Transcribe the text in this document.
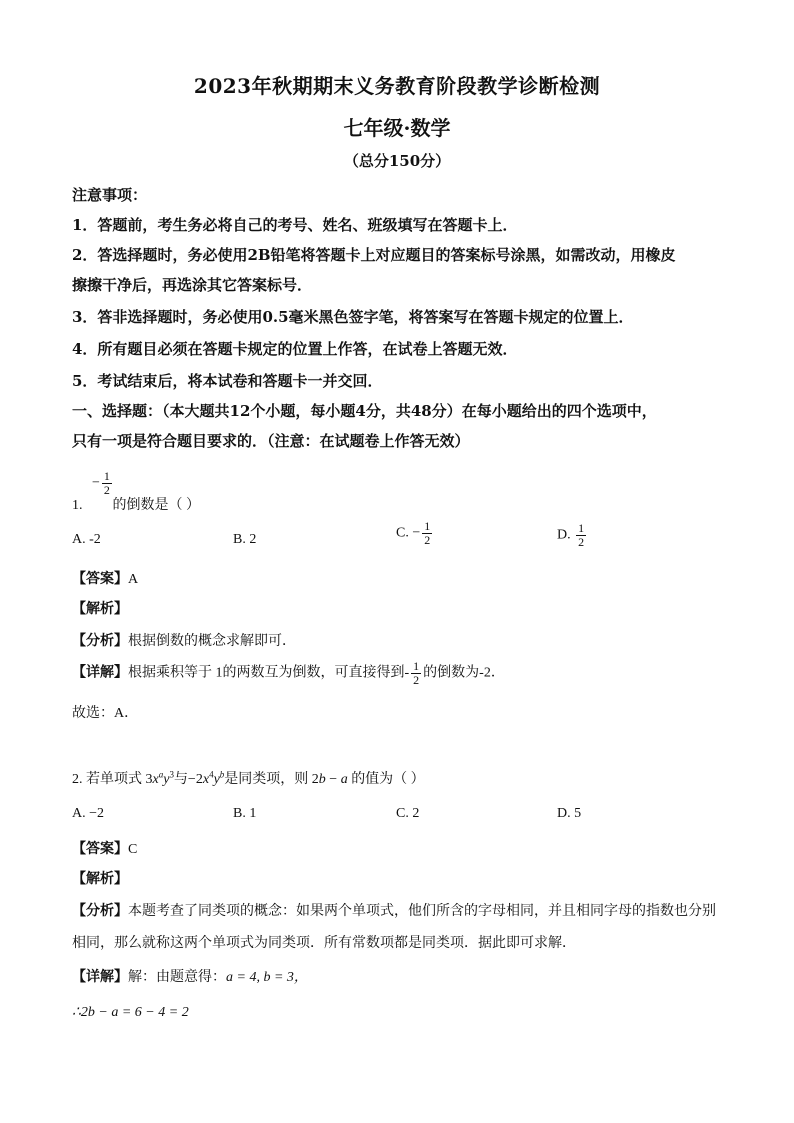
2023年秋期期末义务教育阶段教学诊断检测
七年级·数学
（总分150分）
注意事项：
1．答题前，考生务必将自己的考号、姓名、班级填写在答题卡上．
2．答选择题时，务必使用2B铅笔将答题卡上对应题目的答案标号涂黑，如需改动，用橡皮
擦擦干净后，再选涂其它答案标号．
3．答非选择题时，务必使用0.5毫米黑色签字笔，将答案写在答题卡规定的位置上．
4．所有题目必须在答题卡规定的位置上作答，在试卷上答题无效．
5．考试结束后，将本试卷和答题卡一并交回．
一、选择题：（本大题共12个小题，每小题4分，共48分）在每小题给出的四个选项中，
只有一项是符合题目要求的．（注意：在试题卷上作答无效）
− $\frac{1}{2}$
1. 的倒数是（ ）
A. -2	B. 2	C. − $\frac{1}{2}$	D. $\frac{1}{2}$
【答案】A
【解析】
【分析】根据倒数的概念求解即可．
【详解】根据乘积等于 1的两数互为倒数，可直接得到- $\frac{1}{2}$ 的倒数为-2．
故选：A．
2. 若单项式 $3x^ay^3$与$-2x^4y^b$是同类项，则 2b − a 的值为（ ）
A. −2	B. 1	C. 2	D. 5
【答案】C
【解析】
【分析】本题考查了同类项的概念：如果两个单项式，他们所含的字母相同，并且相同字母的指数也分别
相同，那么就称这两个单项式为同类项．所有常数项都是同类项．据此即可求解．
【详解】解：由题意得：a = 4, b = 3，
∴2b − a = 6 − 4 = 2
